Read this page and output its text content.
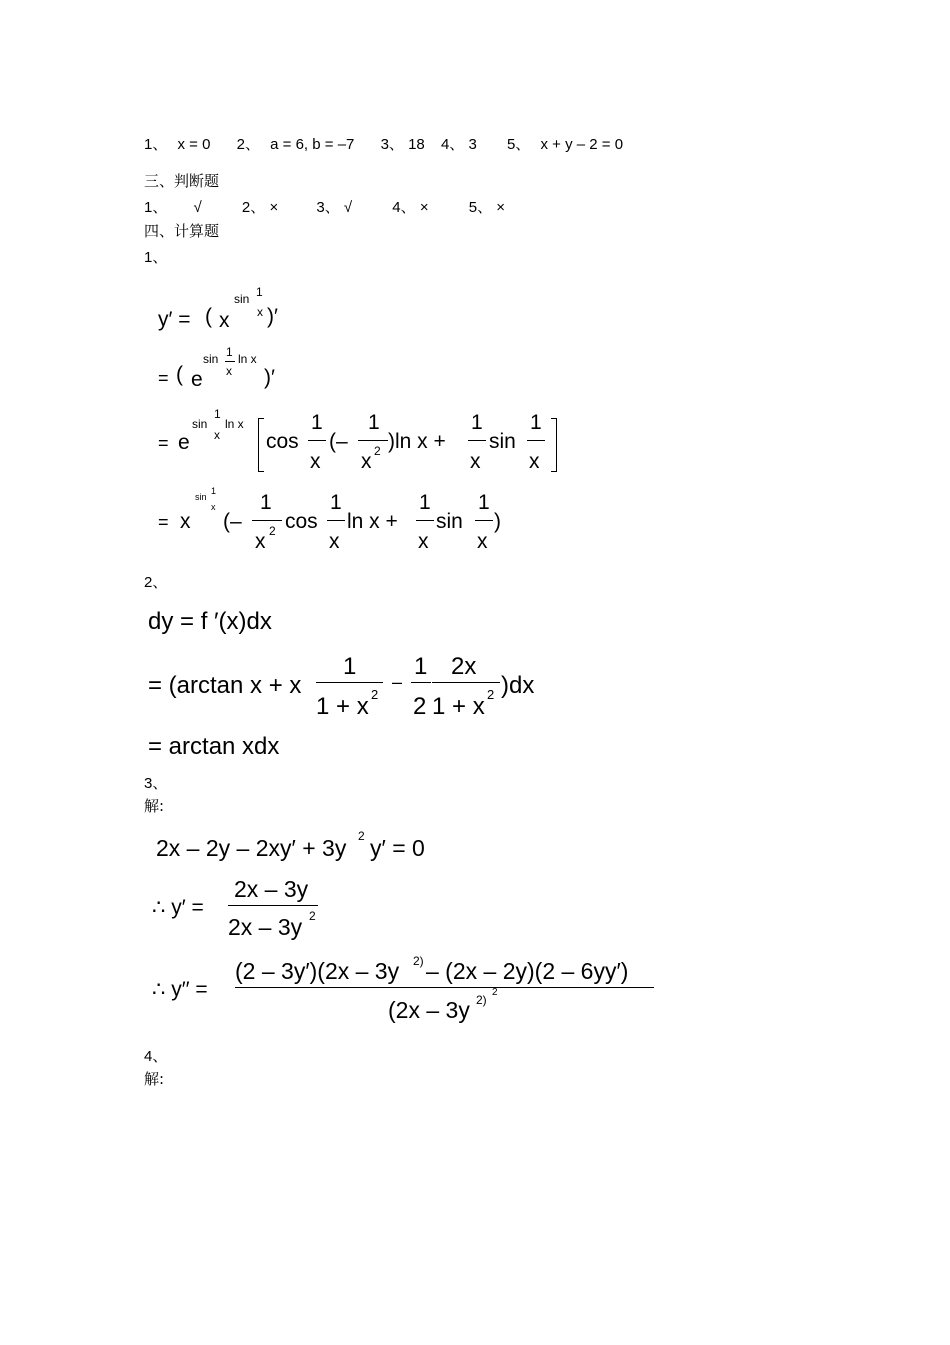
1、 x = 0 2、 a = 6, b = –7 3、 18 4、 3 5、 x + y – 2 = 0
三、判断题
1、 √	2、 ×	3、 √	4、 ×	5、 ×
四、计算题
1、
y′ = ( x
sin 1
x )′
= ( e
sin 1
x
ln x
)′
= e
sin
1
x
ln x
cos
1
x
(–
1
x 2 )ln x +
1
x
sin
1
x
= x
sin
1
x
(–
1
x 2 cos
1
x
ln x +
1
x
sin
1
x
)
2、
dy = f ′(x)dx
= (arctan x + x
1
1 + x 2
–
1
2
2x
1 + x 2 )dx
= arctan xdx
3、
解:
2x – 2y – 2xy′ + 3y 2 y′ = 0
∴ y′ =
2x – 3y
2x – 3y 2
∴ y′′ =
(2 – 3y′)(2x – 3y 2) – (2x – 2y)(2 – 6yy′)
(2x – 3y 2)
2
4、
解:
